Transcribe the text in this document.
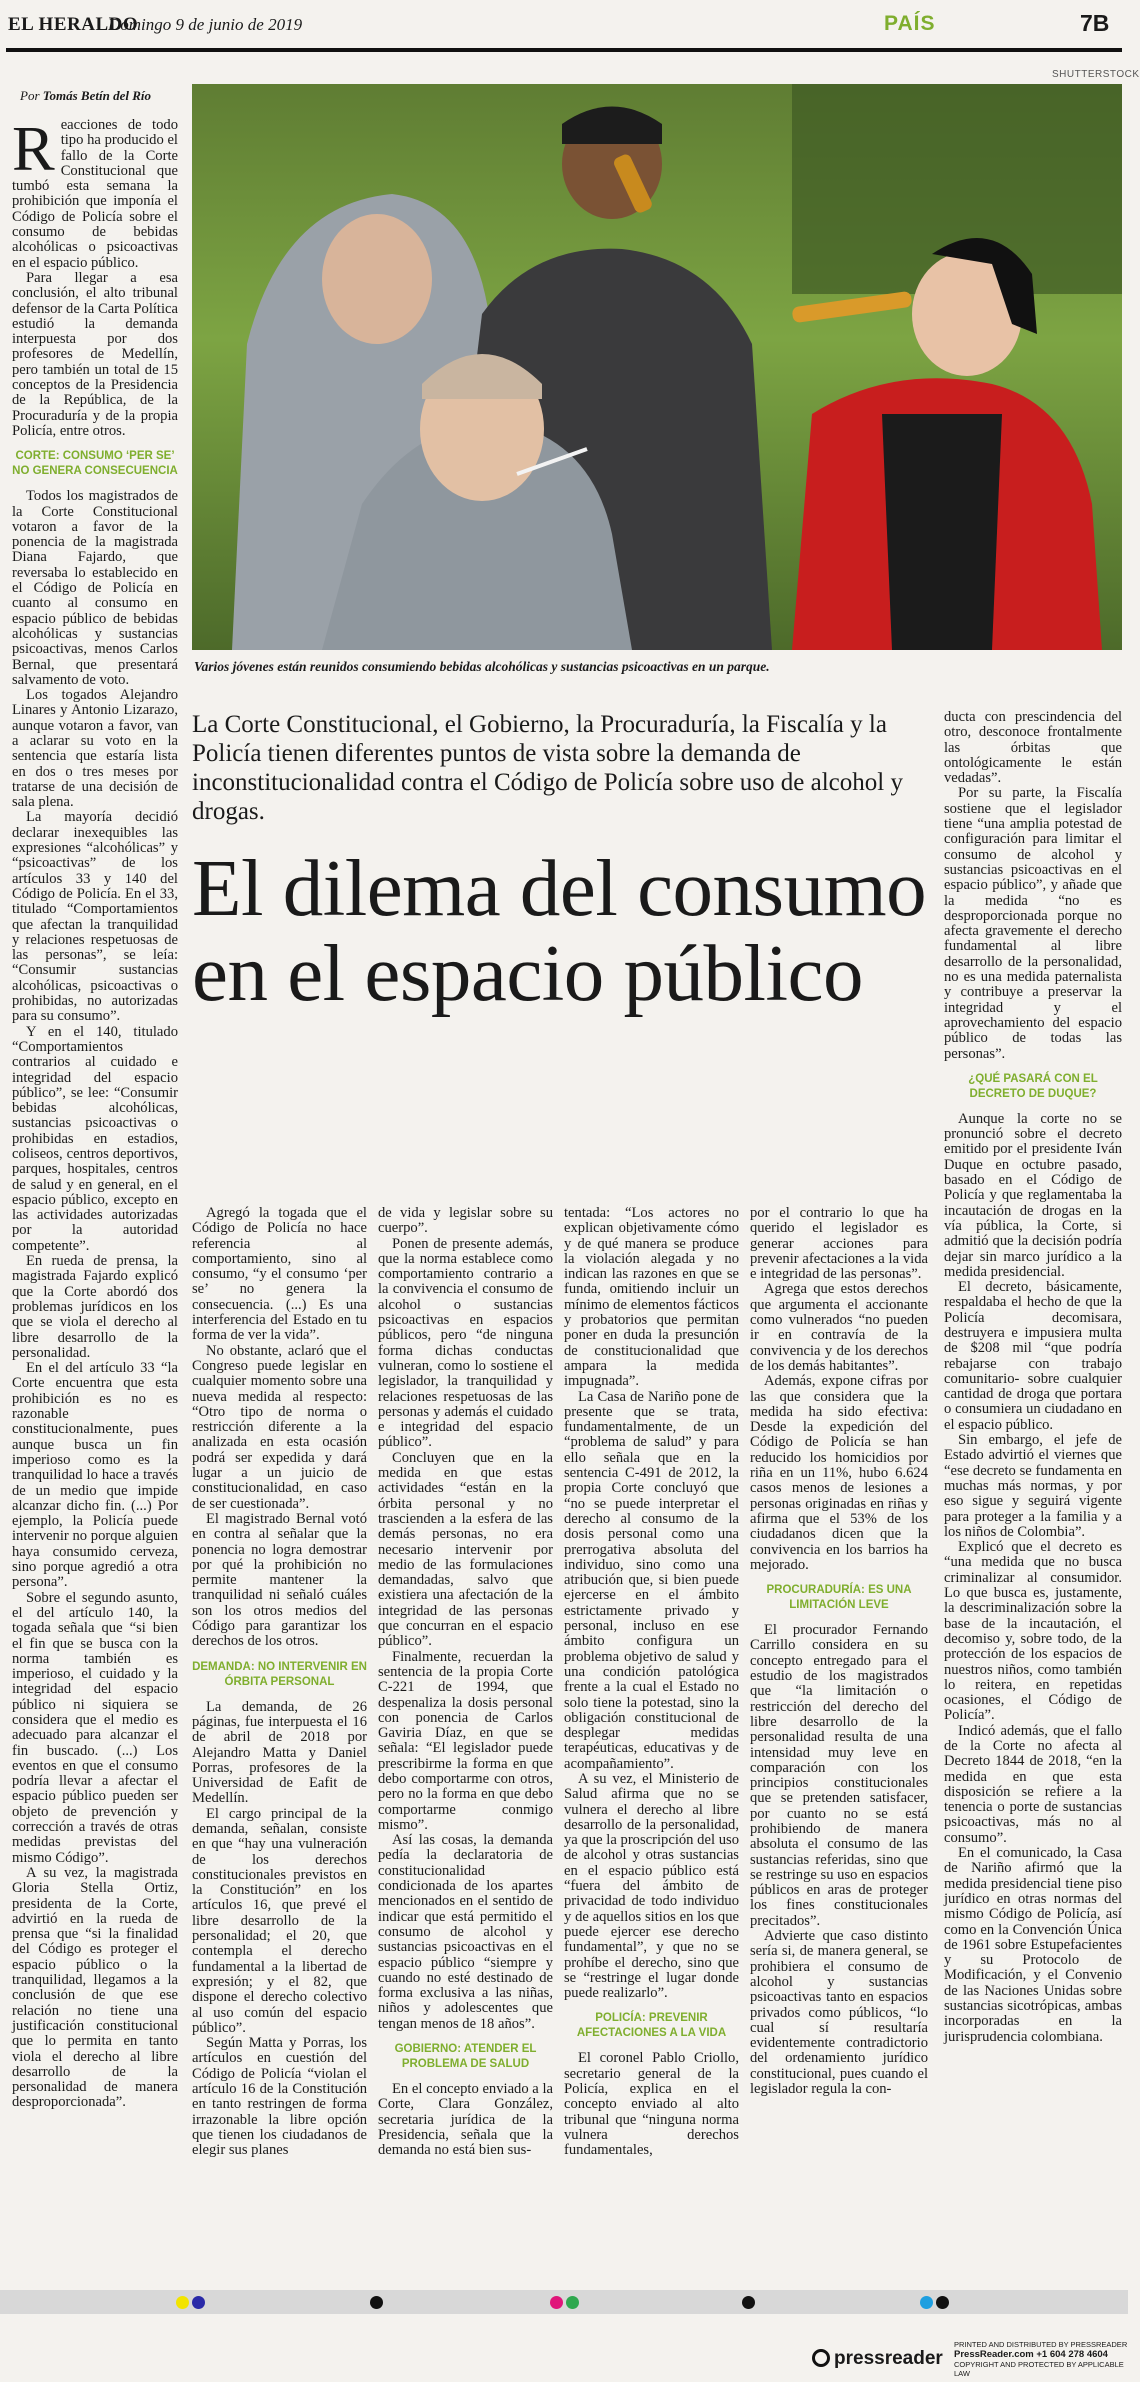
EL HERALDO
Domingo 9 de junio de 2019	PAÍS	7B
SHUTTERSTOCK
Por Tomás Betín del Río
Varios jóvenes están reunidos consumiendo bebidas alcohólicas y sustancias psicoactivas en un parque.
La Corte Constitucional, el Gobierno, la Procuraduría, la Fiscalía y la Policía tienen diferentes puntos de vista sobre la demanda de inconstitucionalidad contra el Código de Policía sobre uso de alcohol y drogas.
El dilema del consumo en el espacio público

Reacciones de todo tipo ha producido el fallo de la Corte Constitucional que tumbó esta semana la prohibición que imponía el Código de Policía sobre el consumo de bebidas alcohólicas o psicoactivas en el espacio público.

Para llegar a esa conclusión, el alto tribunal defensor de la Carta Política estudió la demanda interpuesta por dos profesores de Medellín, pero también un total de 15 conceptos de la Presidencia de la República, de la Procuraduría y de la propia Policía, entre otros.

CORTE: CONSUMO ‘PER SE’ NO GENERA CONSECUENCIA

Todos los magistrados de la Corte Constitucional votaron a favor de la ponencia de la magistrada Diana Fajardo, que reversaba lo establecido en el Código de Policía en cuanto al consumo en espacio público de bebidas alcohólicas y sustancias psicoactivas, menos Carlos Bernal, que presentará salvamento de voto.

Los togados Alejandro Linares y Antonio Lizarazo, aunque votaron a favor, van a aclarar su voto en la sentencia que estaría lista en dos o tres meses por tratarse de una decisión de sala plena.

La mayoría decidió declarar inexequibles las expresiones “alcohólicas” y “psicoactivas” de los artículos 33 y 140 del Código de Policía. En el 33, titulado “Comportamientos que afectan la tranquilidad y relaciones respetuosas de las personas”, se leía: “Consumir sustancias alcohólicas, psicoactivas o prohibidas, no autorizadas para su consumo”.

Y en el 140, titulado “Comportamientos contrarios al cuidado e integridad del espacio público”, se lee: “Consumir bebidas alcohólicas, sustancias psicoactivas o prohibidas en estadios, coliseos, centros deportivos, parques, hospitales, centros de salud y en general, en el espacio público, excepto en las actividades autorizadas por la autoridad competente”.

En rueda de prensa, la magistrada Fajardo explicó que la Corte abordó dos problemas jurídicos en los que se viola el derecho al libre desarrollo de la personalidad.

En el del artículo 33 “la Corte encuentra que esta prohibición es no es razonable constitucionalmente, pues aunque busca un fin imperioso como es la tranquilidad lo hace a través de un medio que impide alcanzar dicho fin. (...) Por ejemplo, la Policía puede intervenir no porque alguien haya consumido cerveza, sino porque agredió a otra persona”.

Sobre el segundo asunto, el del artículo 140, la togada señala que “si bien el fin que se busca con la norma también es imperioso, el cuidado y la integridad del espacio público ni siquiera se considera que el medio es adecuado para alcanzar el fin buscado. (...) Los eventos en que el consumo podría llevar a afectar el espacio público pueden ser objeto de prevención y corrección a través de otras medidas previstas del mismo Código”.

A su vez, la magistrada Gloria Stella Ortiz, presidenta de la Corte, advirtió en la rueda de prensa que “si la finalidad del Código es proteger el espacio público o la tranquilidad, llegamos a la conclusión de que ese relación no tiene una justificación constitucional que lo permita en tanto viola el derecho al libre desarrollo de la personalidad de manera desproporcionada”.

Agregó la togada que el Código de Policía no hace referencia al comportamiento, sino al consumo, “y el consumo ‘per se’ no genera la consecuencia. (...) Es una interferencia del Estado en tu forma de ver la vida”.

No obstante, aclaró que el Congreso puede legislar en cualquier momento sobre una nueva medida al respecto: “Otro tipo de norma o restricción diferente a la analizada en esta ocasión podrá ser expedida y dará lugar a un juicio de constitucionalidad, en caso de ser cuestionada”.

El magistrado Bernal votó en contra al señalar que la ponencia no logra demostrar por qué la prohibición no permite mantener la tranquilidad ni señaló cuáles son los otros medios del Código para garantizar los derechos de los otros.

DEMANDA: NO INTERVENIR EN ÓRBITA PERSONAL

La demanda, de 26 páginas, fue interpuesta el 16 de abril de 2018 por Alejandro Matta y Daniel Porras, profesores de la Universidad de Eafit de Medellín.

El cargo principal de la demanda, señalan, consiste en que “hay una vulneración de los derechos constitucionales previstos en la Constitución” en los artículos 16, que prevé el libre desarrollo de la personalidad; el 20, que contempla el derecho fundamental a la libertad de expresión; y el 82, que dispone el derecho colectivo al uso común del espacio público”.

Según Matta y Porras, los artículos en cuestión del Código de Policía “violan el artículo 16 de la Constitución en tanto restringen de forma irrazonable la libre opción que tienen los ciudadanos de elegir sus planes

de vida y legislar sobre su cuerpo”.

Ponen de presente además, que la norma establece como comportamiento contrario a la convivencia el consumo de alcohol o sustancias psicoactivas en espacios públicos, pero “de ninguna forma dichas conductas vulneran, como lo sostiene el legislador, la tranquilidad y relaciones respetuosas de las personas y además el cuidado e integridad del espacio público”.

Concluyen que en la medida en que estas actividades “están en la órbita personal y no trascienden a la esfera de las demás personas, no era necesario intervenir por medio de las formulaciones demandadas, salvo que existiera una afectación de la integridad de las personas que concurran en el espacio público”.

Finalmente, recuerdan la sentencia de la propia Corte C-221 de 1994, que despenaliza la dosis personal con ponencia de Carlos Gaviria Díaz, en que se señala: “El legislador puede prescribirme la forma en que debo comportarme con otros, pero no la forma en que debo comportarme conmigo mismo”.

Así las cosas, la demanda pedía la declaratoria de constitucionalidad condicionada de los apartes mencionados en el sentido de indicar que está permitido el consumo de alcohol y sustancias psicoactivas en el espacio público “siempre y cuando no esté destinado de forma exclusiva a las niñas, niños y adolescentes que tengan menos de 18 años”.

GOBIERNO: ATENDER EL PROBLEMA DE SALUD

En el concepto enviado a la Corte, Clara González, secretaria jurídica de la Presidencia, señala que la demanda no está bien sus-

tentada: “Los actores no explican objetivamente cómo y de qué manera se produce la violación alegada y no indican las razones en que se funda, omitiendo incluir un mínimo de elementos fácticos y probatorios que permitan poner en duda la presunción de constitucionalidad que ampara la medida impugnada”.

La Casa de Nariño pone de presente que se trata, fundamentalmente, de un “problema de salud” y para ello señala que en la sentencia C-491 de 2012, la propia Corte concluyó que “no se puede interpretar el derecho al consumo de la dosis personal como una prerrogativa absoluta del individuo, sino como una atribución que, si bien puede ejercerse en el ámbito estrictamente privado y personal, incluso en ese ámbito configura un problema objetivo de salud y una condición patológica frente a la cual el Estado no solo tiene la potestad, sino la obligación constitucional de desplegar medidas terapéuticas, educativas y de acompañamiento”.

A su vez, el Ministerio de Salud afirma que no se vulnera el derecho al libre desarrollo de la personalidad, ya que la proscripción del uso de alcohol y otras sustancias en el espacio público está “fuera del ámbito de privacidad de todo individuo y de aquellos sitios en los que puede ejercer ese derecho fundamental”, y que no se prohíbe el derecho, sino que se “restringe el lugar donde puede realizarlo”.

POLICÍA: PREVENIR AFECTACIONES A LA VIDA

El coronel Pablo Criollo, secretario general de la Policía, explica en el concepto enviado al alto tribunal que “ninguna norma vulnera derechos fundamentales,

por el contrario lo que ha querido el legislador es generar acciones para prevenir afectaciones a la vida e integridad de las personas”.

Agrega que estos derechos que argumenta el accionante como vulnerados “no pueden ir en contravía de la convivencia y de los derechos de los demás habitantes”.

Además, expone cifras por las que considera que la medida ha sido efectiva: Desde la expedición del Código de Policía se han reducido los homicidios por riña en un 11%, hubo 6.624 casos menos de lesiones a personas originadas en riñas y afirma que el 53% de los ciudadanos dicen que la convivencia en los barrios ha mejorado.

PROCURADURÍA: ES UNA LIMITACIÓN LEVE

El procurador Fernando Carrillo considera en su concepto entregado para el estudio de los magistrados que “la limitación o restricción del derecho del libre desarrollo de la personalidad resulta de una intensidad muy leve en comparación con los principios constitucionales que se pretenden satisfacer, por cuanto no se está prohibiendo de manera absoluta el consumo de las sustancias referidas, sino que se restringe su uso en espacios públicos en aras de proteger los fines constitucionales precitados”.

Advierte que caso distinto sería si, de manera general, se prohibiera el consumo de alcohol y sustancias psicoactivas tanto en espacios privados como públicos, “lo cual sí resultaría evidentemente contradictorio del ordenamiento jurídico constitucional, pues cuando el legislador regula la con-

ducta con prescindencia del otro, desconoce frontalmente las órbitas que ontológicamente le están vedadas”.

Por su parte, la Fiscalía sostiene que el legislador tiene “una amplia potestad de configuración para limitar el consumo de alcohol y sustancias psicoactivas en el espacio público”, y añade que la medida “no es desproporcionada porque no afecta gravemente el derecho fundamental al libre desarrollo de la personalidad, no es una medida paternalista y contribuye a preservar la integridad y el aprovechamiento del espacio público de todas las personas”.

¿QUÉ PASARÁ CON EL DECRETO DE DUQUE?

Aunque la corte no se pronunció sobre el decreto emitido por el presidente Iván Duque en octubre pasado, basado en el Código de Policía y que reglamentaba la incautación de drogas en la vía pública, la Corte, si admitió que la decisión podría dejar sin marco jurídico a la medida presidencial.

El decreto, básicamente, respaldaba el hecho de que la Policía decomisara, destruyera e impusiera multa de $208 mil “que podría rebajarse con trabajo comunitario- sobre cualquier cantidad de droga que portara o consumiera un ciudadano en el espacio público.

Sin embargo, el jefe de Estado advirtió el viernes que “ese decreto se fundamenta en muchas más normas, y por eso sigue y seguirá vigente para proteger a la familia y a los niños de Colombia”.

Explicó que el decreto es “una medida que no busca criminalizar al consumidor. Lo que busca es, justamente, la descriminalización sobre la base de la incautación, el decomiso y, sobre todo, de la protección de los espacios de nuestros niños, como también lo reitera, en repetidas ocasiones, el Código de Policía”.

Indicó además, que el fallo de la Corte no afecta al Decreto 1844 de 2018, “en la medida en que esta disposición se refiere a la tenencia o porte de sustancias psicoactivas, más no al consumo”.

En el comunicado, la Casa de Nariño afirmó que la medida presidencial tiene piso jurídico en otras normas del mismo Código de Policía, así como en la Convención Única de 1961 sobre Estupefacientes y su Protocolo de Modificación, y el Convenio de las Naciones Unidas sobre sustancias sicotrópicas, ambas incorporadas en la jurisprudencia colombiana.

pressreader
PRINTED AND DISTRIBUTED BY PRESSREADER
PressReader.com +1 604 278 4604
COPYRIGHT AND PROTECTED BY APPLICABLE LAW
